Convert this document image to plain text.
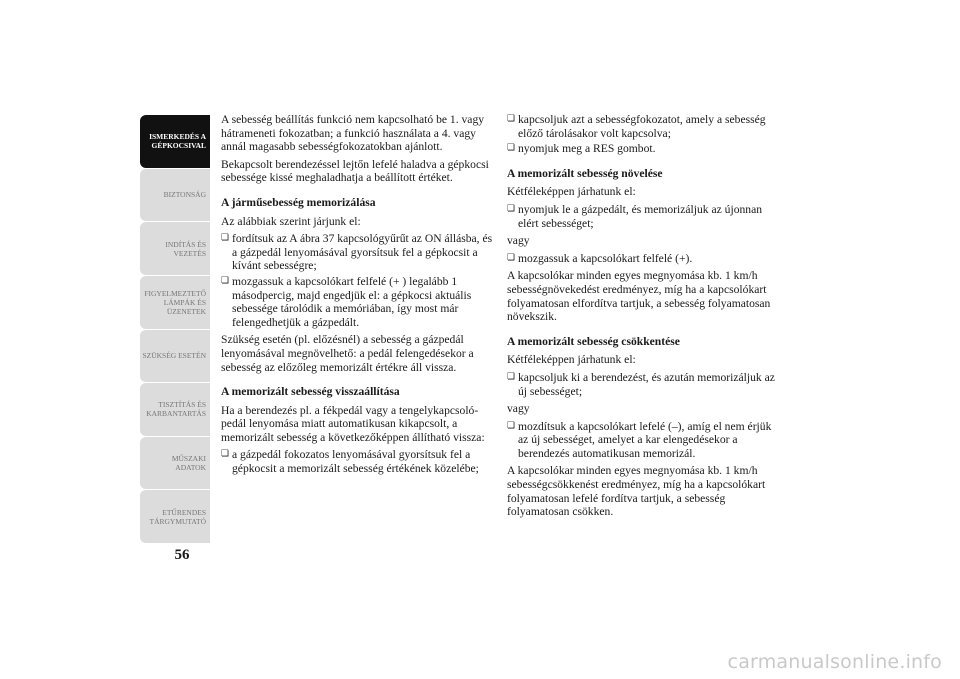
ISMERKEDÉS A
GÉPKOCSIVAL
BIZTONSÁG
INDÍTÁS ÉS
VEZETÉS
FIGYELMEZTETŐ
LÁMPÁK ÉS
ÜZENETEK
SZÜKSÉG ESETÉN
TISZTÍTÁS ÉS
KARBANTARTÁS
MŰSZAKI ADATOK
ETŰRENDES
TÁRGYMUTATÓ
56

A sebesség beállítás funkció nem kapcsolható be 1. vagy hátrameneti fokozatban; a funkció használata a 4. vagy annál magasabb sebességfokozatokban ajánlott.

Bekapcsolt berendezéssel lejtőn lefelé haladva a gépkocsi sebessége kissé meghaladhatja a beállított értéket.

A járműsebesség memorizálása

Az alábbiak szerint járjunk el:

❏ fordítsuk az A ábra 37 kapcsológyűrűt az ON állásba, és a gázpedál lenyomásával gyorsítsuk fel a gépkocsit a kívánt sebességre;
❏ mozgassuk a kapcsolókart felfelé (+ ) legalább 1 másodpercig, majd engedjük el: a gépkocsi aktuális sebessége tárolódik a memóriában, így most már felengedhetjük a gázpedált.

Szükség esetén (pl. előzésnél) a sebesség a gázpedál lenyomásával megnövelhető: a pedál felengedésekor a sebesség az előzőleg memorizált értékre áll vissza.

A memorizált sebesség visszaállítása

Ha a berendezés pl. a fékpedál vagy a tengelykapcsoló-pedál lenyomása miatt automatikusan kikapcsolt, a memorizált sebesség a következőképpen állítható vissza:

❏ a gázpedál fokozatos lenyomásával gyorsítsuk fel a gépkocsit a memorizált sebesség értékének közelébe;
❏ kapcsoljuk azt a sebességfokozatot, amely a sebesség előző tárolásakor volt kapcsolva;
❏ nyomjuk meg a RES gombot.
A memorizált sebesség növelése

Kétféleképpen járhatunk el:

❏ nyomjuk le a gázpedált, és memorizáljuk az újonnan elért sebességet;

vagy

❏ mozgassuk a kapcsolókart felfelé (+).

A kapcsolókar minden egyes megnyomása kb. 1 km/h sebességnövekedést eredményez, míg ha a kapcsolókart folyamatosan elfordítva tartjuk, a sebesség folyamatosan növekszik.

A memorizált sebesség csökkentése

Kétféleképpen járhatunk el:

❏ kapcsoljuk ki a berendezést, és azután memorizáljuk az új sebességet;

vagy

❏ mozdítsuk a kapcsolókart lefelé (–), amíg el nem érjük az új sebességet, amelyet a kar elengedésekor a berendezés automatikusan memorizál.

A kapcsolókar minden egyes megnyomása kb. 1 km/h sebességcsökkenést eredményez, míg ha a kapcsolókart folyamatosan lefelé fordítva tartjuk, a sebesség folyamatosan csökken.

carmanualsonline.info
